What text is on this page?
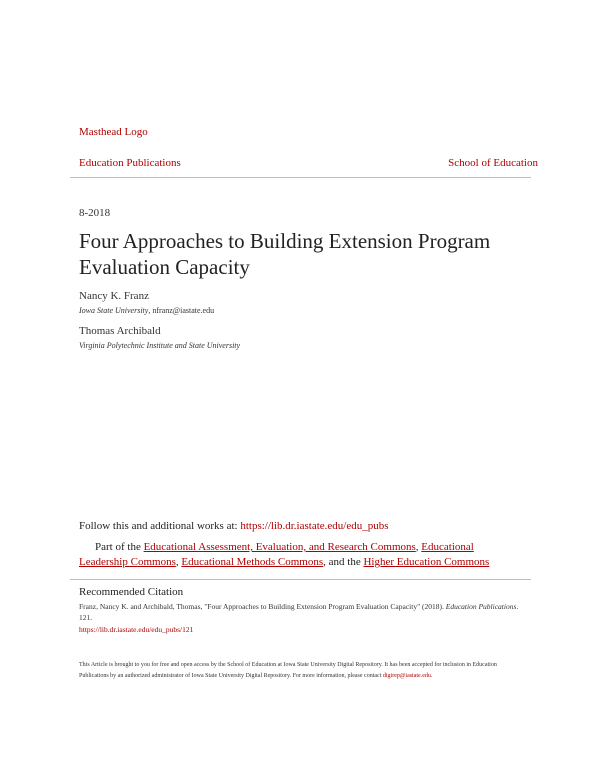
Masthead Logo
Education Publications	School of Education
8-2018
Four Approaches to Building Extension Program Evaluation Capacity
Nancy K. Franz
Iowa State University, nfranz@iastate.edu
Thomas Archibald
Virginia Polytechnic Institute and State University
Follow this and additional works at: https://lib.dr.iastate.edu/edu_pubs
Part of the Educational Assessment, Evaluation, and Research Commons, Educational Leadership Commons, Educational Methods Commons, and the Higher Education Commons
Recommended Citation
Franz, Nancy K. and Archibald, Thomas, "Four Approaches to Building Extension Program Evaluation Capacity" (2018). Education Publications. 121.
https://lib.dr.iastate.edu/edu_pubs/121
This Article is brought to you for free and open access by the School of Education at Iowa State University Digital Repository. It has been accepted for inclusion in Education Publications by an authorized administrator of Iowa State University Digital Repository. For more information, please contact digirep@iastate.edu.
